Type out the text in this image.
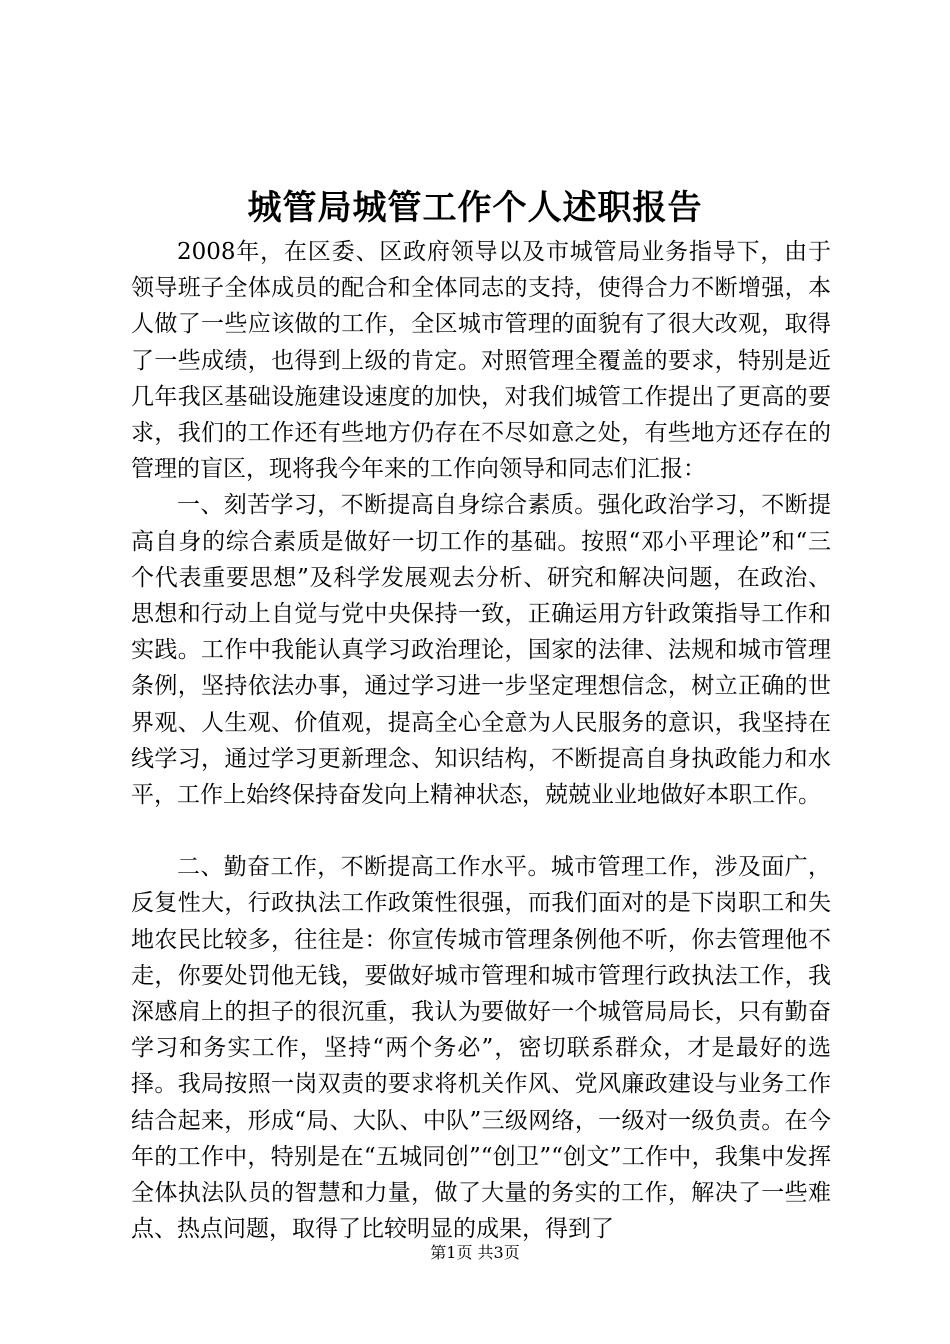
城管局城管工作个人述职报告

2008年，在区委、区政府领导以及市城管局业务指导下，由于领导班子全体成员的配合和全体同志的支持，使得合力不断增强，本人做了一些应该做的工作，全区城市管理的面貌有了很大改观，取得了一些成绩，也得到上级的肯定。对照管理全覆盖的要求，特别是近几年我区基础设施建设速度的加快，对我们城管工作提出了更高的要求，我们的工作还有些地方仍存在不尽如意之处，有些地方还存在的管理的盲区，现将我今年来的工作向领导和同志们汇报：

一、刻苦学习，不断提高自身综合素质。强化政治学习，不断提高自身的综合素质是做好一切工作的基础。按照“邓小平理论”和“三个代表重要思想”及科学发展观去分析、研究和解决问题，在政治、思想和行动上自觉与党中央保持一致，正确运用方针政策指导工作和实践。工作中我能认真学习政治理论，国家的法律、法规和城市管理条例，坚持依法办事，通过学习进一步坚定理想信念，树立正确的世界观、人生观、价值观，提高全心全意为人民服务的意识，我坚持在线学习，通过学习更新理念、知识结构，不断提高自身执政能力和水平，工作上始终保持奋发向上精神状态，兢兢业业地做好本职工作。

二、勤奋工作，不断提高工作水平。城市管理工作，涉及面广，反复性大，行政执法工作政策性很强，而我们面对的是下岗职工和失地农民比较多，往往是：你宣传城市管理条例他不听，你去管理他不走，你要处罚他无钱，要做好城市管理和城市管理行政执法工作，我深感肩上的担子的很沉重，我认为要做好一个城管局局长，只有勤奋学习和务实工作，坚持“两个务必”，密切联系群众，才是最好的选择。我局按照一岗双责的要求将机关作风、党风廉政建设与业务工作结合起来，形成“局、大队、中队”三级网络，一级对一级负责。在今年的工作中，特别是在“五城同创”“创卫”“创文”工作中，我集中发挥全体执法队员的智慧和力量，做了大量的务实的工作，解决了一些难点、热点问题，取得了比较明显的成果，得到了

第1页 共3页
